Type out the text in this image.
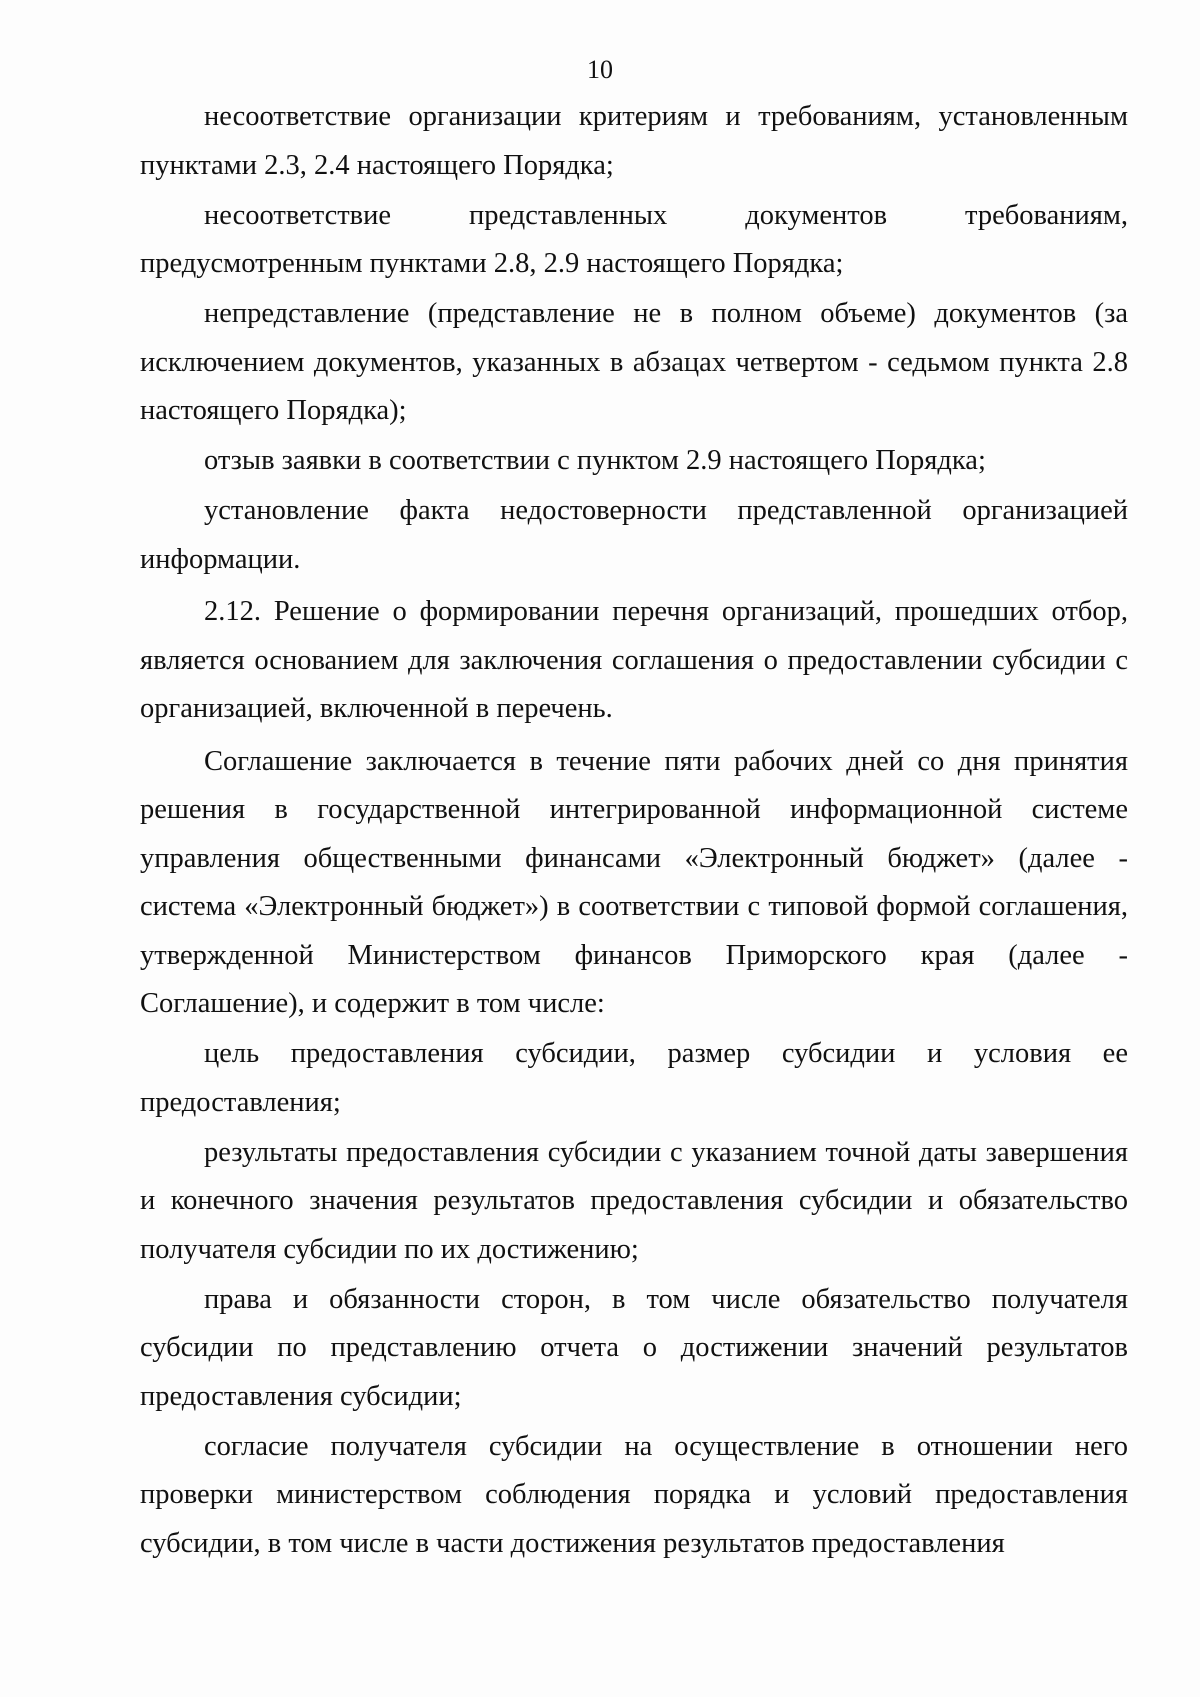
10

несоответствие организации критериям и требованиям, установленным пунктами 2.3, 2.4 настоящего Порядка;

несоответствие представленных документов требованиям, предусмотренным пунктами 2.8, 2.9 настоящего Порядка;

непредставление (представление не в полном объеме) документов (за исключением документов, указанных в абзацах четвертом - седьмом пункта 2.8 настоящего Порядка);

отзыв заявки в соответствии с пунктом 2.9 настоящего Порядка;

установление факта недостоверности представленной организацией информации.

2.12. Решение о формировании перечня организаций, прошедших отбор, является основанием для заключения соглашения о предоставлении субсидии с организацией, включенной в перечень.

Соглашение заключается в течение пяти рабочих дней со дня принятия решения в государственной интегрированной информационной системе управления общественными финансами «Электронный бюджет» (далее - система «Электронный бюджет») в соответствии с типовой формой соглашения, утвержденной Министерством финансов Приморского края (далее - Соглашение), и содержит в том числе:

цель предоставления субсидии, размер субсидии и условия ее предоставления;

результаты предоставления субсидии с указанием точной даты завершения и конечного значения результатов предоставления субсидии и обязательство получателя субсидии по их достижению;

права и обязанности сторон, в том числе обязательство получателя субсидии по представлению отчета о достижении значений результатов предоставления субсидии;

согласие получателя субсидии на осуществление в отношении него проверки министерством соблюдения порядка и условий предоставления субсидии, в том числе в части достижения результатов предоставления
